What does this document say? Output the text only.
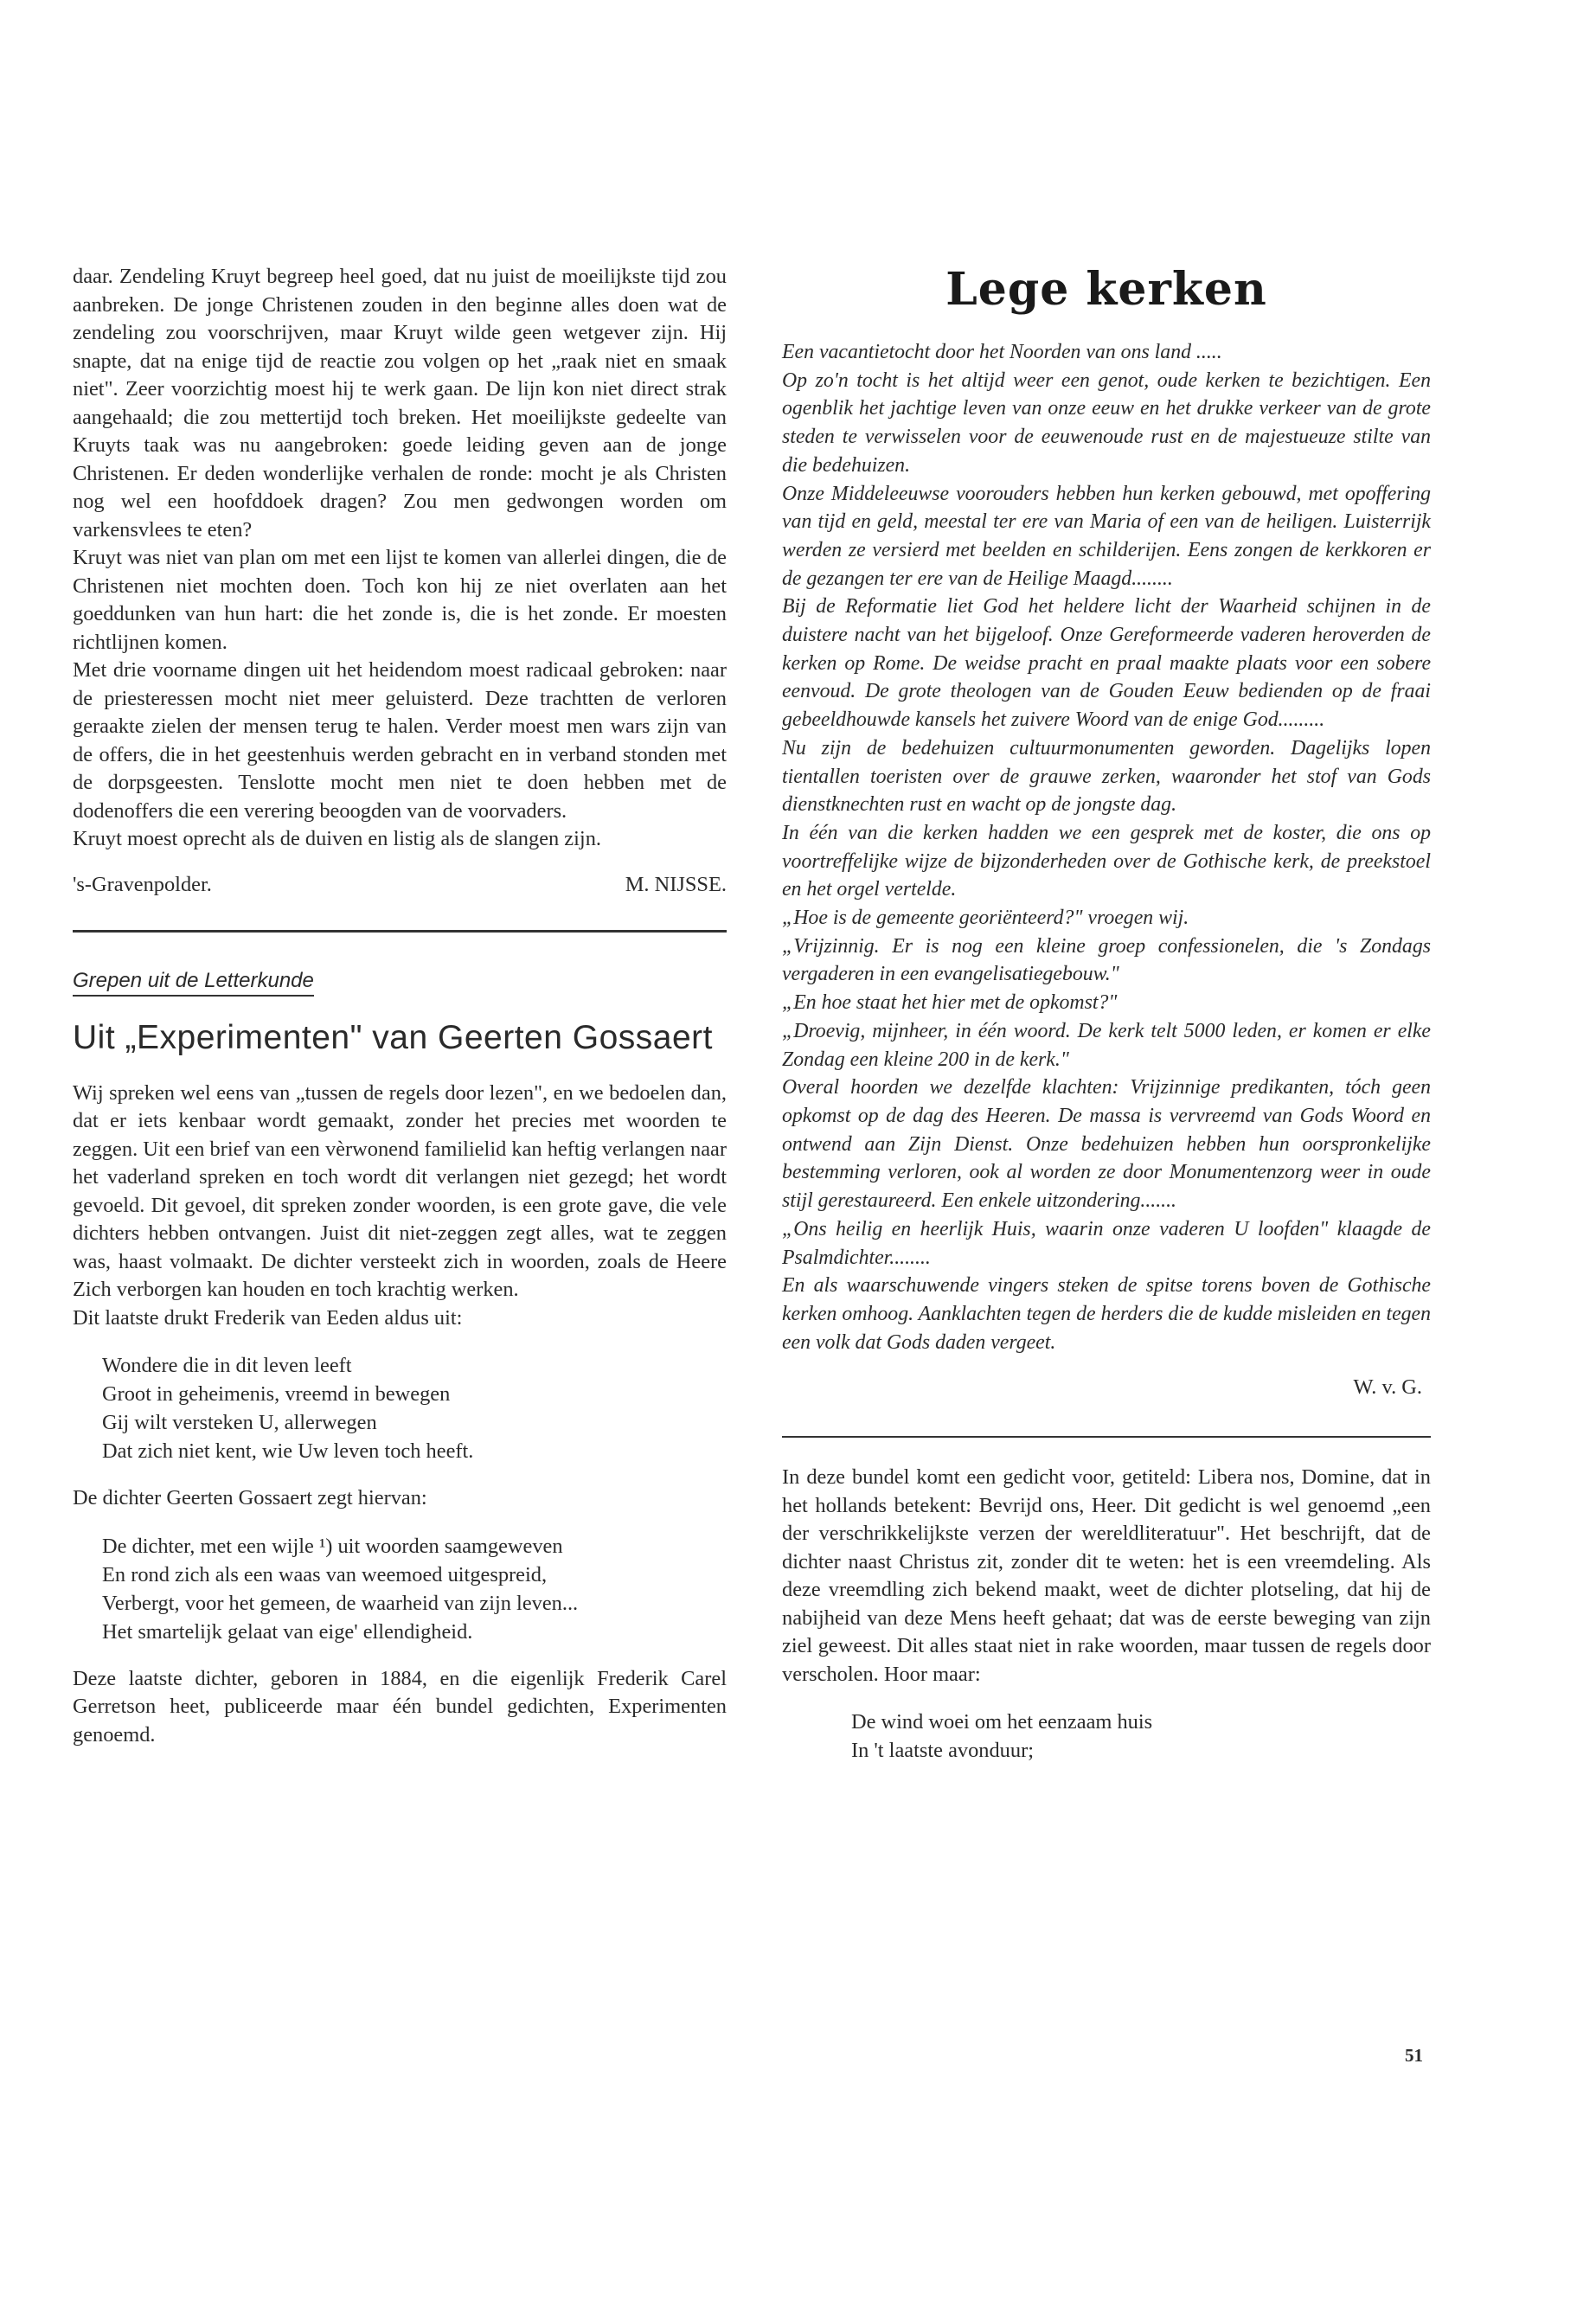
daar. Zendeling Kruyt begreep heel goed, dat nu juist de moeilijkste tijd zou aanbreken. De jonge Christenen zouden in den beginne alles doen wat de zendeling zou voorschrijven, maar Kruyt wilde geen wetgever zijn. Hij snapte, dat na enige tijd de reactie zou volgen op het „raak niet en smaak niet". Zeer voorzichtig moest hij te werk gaan. De lijn kon niet direct strak aangehaald; die zou mettertijd toch breken. Het moeilijkste gedeelte van Kruyts taak was nu aangebroken: goede leiding geven aan de jonge Christenen. Er deden wonderlijke verhalen de ronde: mocht je als Christen nog wel een hoofddoek dragen? Zou men gedwongen worden om varkensvlees te eten?

Kruyt was niet van plan om met een lijst te komen van allerlei dingen, die de Christenen niet mochten doen. Toch kon hij ze niet overlaten aan het goeddunken van hun hart: die het zonde is, die is het zonde. Er moesten richtlijnen komen.

Met drie voorname dingen uit het heidendom moest radicaal gebroken: naar de priesteressen mocht niet meer geluisterd. Deze trachtten de verloren geraakte zielen der mensen terug te halen. Verder moest men wars zijn van de offers, die in het geestenhuis werden gebracht en in verband stonden met de dorpsgeesten. Tenslotte mocht men niet te doen hebben met de dodenoffers die een verering beoogden van de voorvaders.

Kruyt moest oprecht als de duiven en listig als de slangen zijn.

's-Gravenpolder.	M. NIJSSE.
Grepen uit de Letterkunde
Uit „Experimenten" van Geerten Gossaert

Wij spreken wel eens van „tussen de regels door lezen", en we bedoelen dan, dat er iets kenbaar wordt gemaakt, zonder het precies met woorden te zeggen. Uit een brief van een vèrwonend familielid kan heftig verlangen naar het vaderland spreken en toch wordt dit verlangen niet gezegd; het wordt gevoeld. Dit gevoel, dit spreken zonder woorden, is een grote gave, die vele dichters hebben ontvangen. Juist dit niet-zeggen zegt alles, wat te zeggen was, haast volmaakt. De dichter versteekt zich in woorden, zoals de Heere Zich verborgen kan houden en toch krachtig werken.

Dit laatste drukt Frederik van Eeden aldus uit:

Wondere die in dit leven leeft
Groot in geheimenis, vreemd in bewegen
Gij wilt versteken U, allerwegen
Dat zich niet kent, wie Uw leven toch heeft.

De dichter Geerten Gossaert zegt hiervan:

De dichter, met een wijle ¹) uit woorden saamgeweven
En rond zich als een waas van weemoed uitgespreid,
Verbergt, voor het gemeen, de waarheid van zijn leven...
Het smartelijk gelaat van eige' ellendigheid.

Deze laatste dichter, geboren in 1884, en die eigenlijk Frederik Carel Gerretson heet, publiceerde maar één bundel gedichten, Experimenten genoemd.

Lege kerken

Een vacantietocht door het Noorden van ons land .....

Op zo'n tocht is het altijd weer een genot, oude kerken te bezichtigen. Een ogenblik het jachtige leven van onze eeuw en het drukke verkeer van de grote steden te verwisselen voor de eeuwenoude rust en de majestueuze stilte van die bedehuizen.

Onze Middeleeuwse voorouders hebben hun kerken gebouwd, met opoffering van tijd en geld, meestal ter ere van Maria of een van de heiligen. Luisterrijk werden ze versierd met beelden en schilderijen. Eens zongen de kerkkoren er de gezangen ter ere van de Heilige Maagd........

Bij de Reformatie liet God het heldere licht der Waarheid schijnen in de duistere nacht van het bijgeloof. Onze Gereformeerde vaderen heroverden de kerken op Rome. De weidse pracht en praal maakte plaats voor een sobere eenvoud. De grote theologen van de Gouden Eeuw bedienden op de fraai gebeeldhouwde kansels het zuivere Woord van de enige God.........

Nu zijn de bedehuizen cultuurmonumenten geworden. Dagelijks lopen tientallen toeristen over de grauwe zerken, waaronder het stof van Gods dienstknechten rust en wacht op de jongste dag.

In één van die kerken hadden we een gesprek met de koster, die ons op voortreffelijke wijze de bijzonderheden over de Gothische kerk, de preekstoel en het orgel vertelde.

„Hoe is de gemeente georiënteerd?" vroegen wij.

„Vrijzinnig. Er is nog een kleine groep confessionelen, die 's Zondags vergaderen in een evangelisatiegebouw."

„En hoe staat het hier met de opkomst?"

„Droevig, mijnheer, in één woord. De kerk telt 5000 leden, er komen er elke Zondag een kleine 200 in de kerk."

Overal hoorden we dezelfde klachten: Vrijzinnige predikanten, tóch geen opkomst op de dag des Heeren. De massa is vervreemd van Gods Woord en ontwend aan Zijn Dienst. Onze bedehuizen hebben hun oorspronkelijke bestemming verloren, ook al worden ze door Monumentenzorg weer in oude stijl gerestaureerd. Een enkele uitzondering.......

„Ons heilig en heerlijk Huis, waarin onze vaderen U loofden" klaagde de Psalmdichter........

En als waarschuwende vingers steken de spitse torens boven de Gothische kerken omhoog. Aanklachten tegen de herders die de kudde misleiden en tegen een volk dat Gods daden vergeet.

W. v. G.

In deze bundel komt een gedicht voor, getiteld: Libera nos, Domine, dat in het hollands betekent: Bevrijd ons, Heer. Dit gedicht is wel genoemd „een der verschrikkelijkste verzen der wereldliteratuur". Het beschrijft, dat de dichter naast Christus zit, zonder dit te weten: het is een vreemdeling. Als deze vreemdling zich bekend maakt, weet de dichter plotseling, dat hij de nabijheid van deze Mens heeft gehaat; dat was de eerste beweging van zijn ziel geweest. Dit alles staat niet in rake woorden, maar tussen de regels door verscholen. Hoor maar:

De wind woei om het eenzaam huis
In 't laatste avonduur;
51
